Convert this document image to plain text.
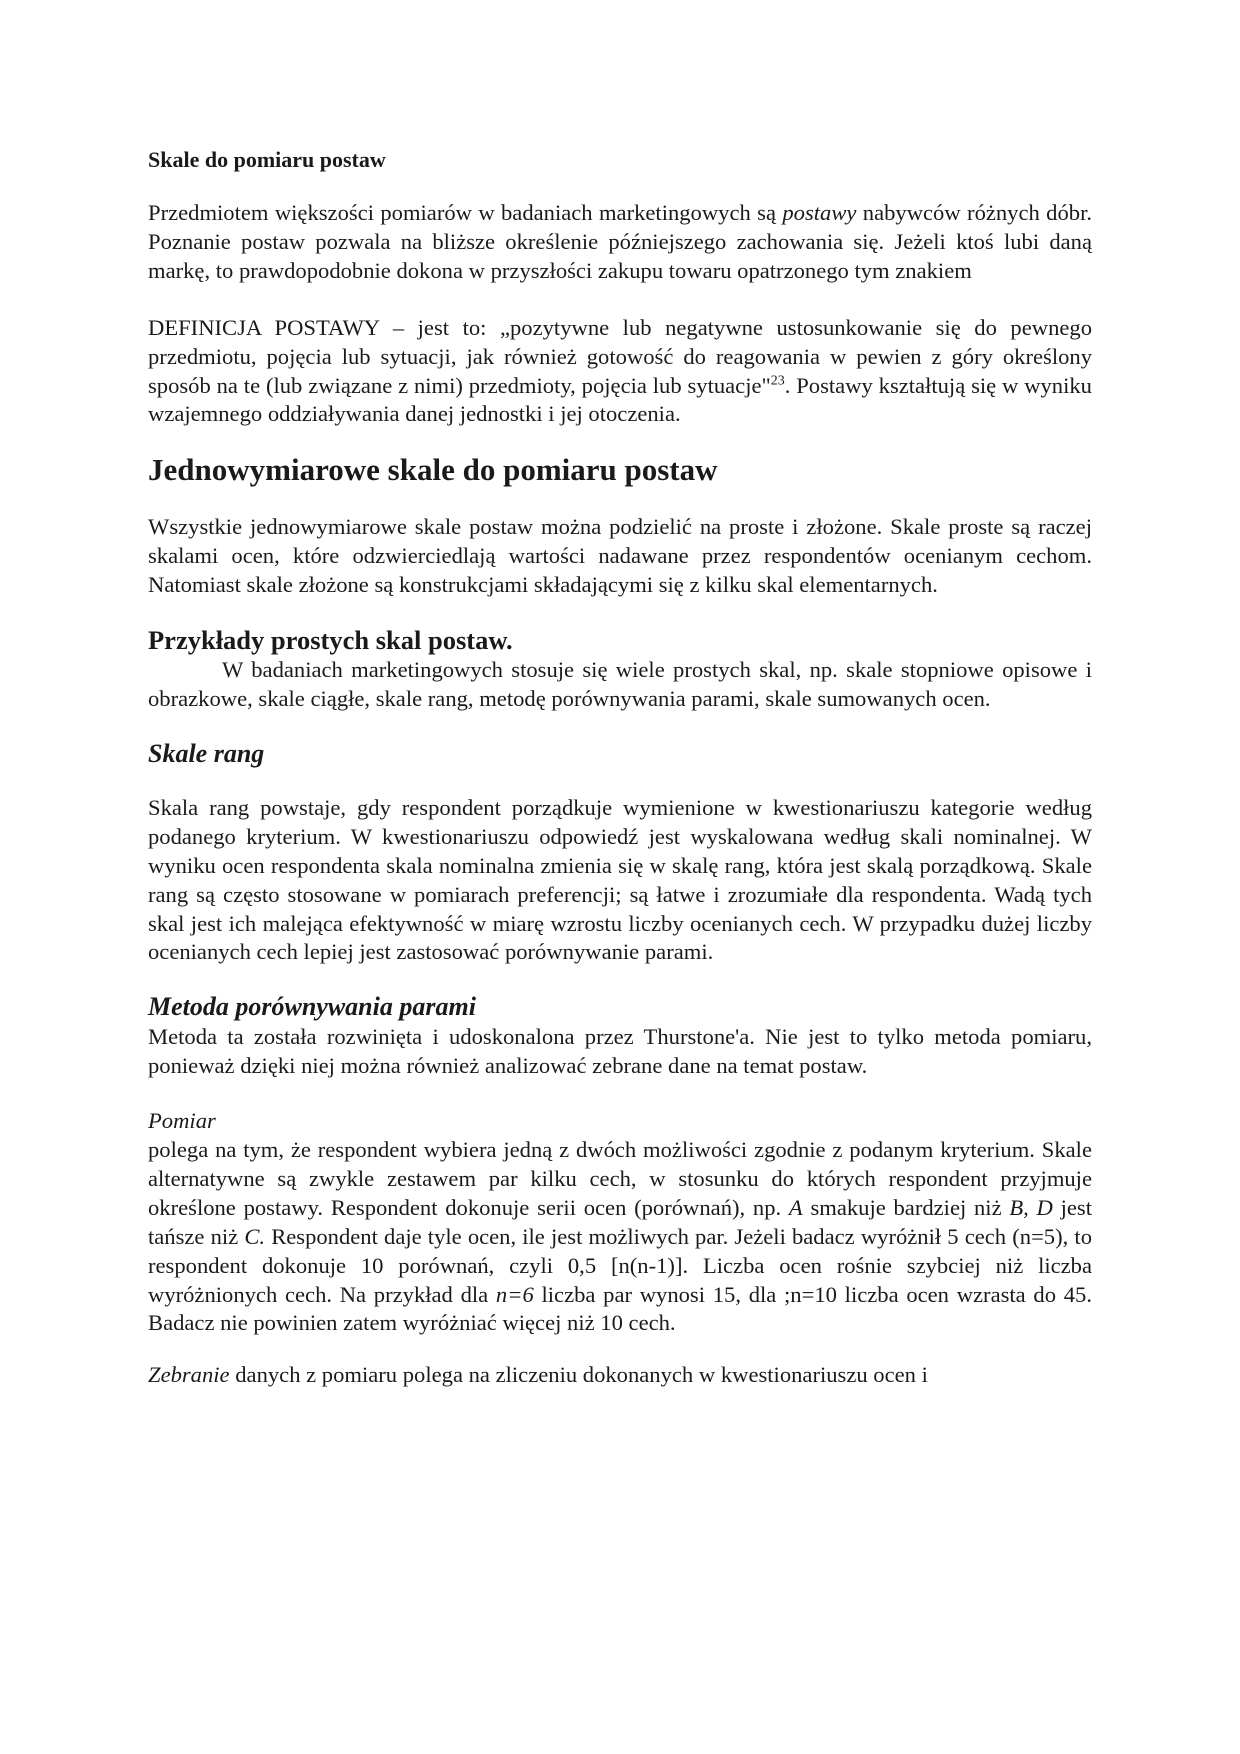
Skale do pomiaru postaw

Przedmiotem większości pomiarów w badaniach marketingowych są postawy nabywców różnych dóbr. Poznanie postaw pozwala na bliższe określenie późniejszego zachowania się. Jeżeli ktoś lubi daną markę, to prawdopodobnie dokona w przyszłości zakupu towaru opatrzonego tym znakiem

DEFINICJA POSTAWY – jest to: „pozytywne lub negatywne ustosunkowanie się do pewnego przedmiotu, pojęcia lub sytuacji, jak również gotowość do reagowania w pewien z góry określony sposób na te (lub związane z nimi) przedmioty, pojęcia lub sytuacje"$^{23}$. Postawy kształtują się w wyniku wzajemnego oddziaływania danej jednostki i jej otoczenia.

Jednowymiarowe skale do pomiaru postaw

Wszystkie jednowymiarowe skale postaw można podzielić na proste i złożone. Skale proste są raczej skalami ocen, które odzwierciedlają wartości nadawane przez respondentów ocenianym cechom. Natomiast skale złożone są konstrukcjami składającymi się z kilku skal elementarnych.

Przykłady prostych skal postaw.

W badaniach marketingowych stosuje się wiele prostych skal, np. skale stopniowe opisowe i obrazkowe, skale ciągłe, skale rang, metodę porównywania parami, skale sumowanych ocen.

Skale rang

Skala rang powstaje, gdy respondent porządkuje wymienione w kwestionariuszu kategorie według podanego kryterium. W kwestionariuszu odpowiedź jest wyskalowana według skali nominalnej. W wyniku ocen respondenta skala nominalna zmienia się w skalę rang, która jest skalą porządkową. Skale rang są często stosowane w pomiarach preferencji; są łatwe i zrozumiałe dla respondenta. Wadą tych skal jest ich malejąca efektywność w miarę wzrostu liczby ocenianych cech. W przypadku dużej liczby ocenianych cech lepiej jest zastosować porównywanie parami.

Metoda porównywania parami

Metoda ta została rozwinięta i udoskonalona przez Thurstone'a. Nie jest to tylko metoda pomiaru, ponieważ dzięki niej można również analizować zebrane dane na temat postaw.

Pomiar

polega na tym, że respondent wybiera jedną z dwóch możliwości zgodnie z podanym kryterium. Skale alternatywne są zwykle zestawem par kilku cech, w stosunku do których respondent przyjmuje określone postawy. Respondent dokonuje serii ocen (porównań), np. A smakuje bardziej niż B, D jest tańsze niż C. Respondent daje tyle ocen, ile jest możliwych par. Jeżeli badacz wyróżnił 5 cech (n=5), to respondent dokonuje 10 porównań, czyli 0,5 [n(n-1)]. Liczba ocen rośnie szybciej niż liczba wyróżnionych cech. Na przykład dla n=6 liczba par wynosi 15, dla ;n=10 liczba ocen wzrasta do 45. Badacz nie powinien zatem wyróżniać więcej niż 10 cech.

Zebranie danych z pomiaru polega na zliczeniu dokonanych w kwestionariuszu ocen i
